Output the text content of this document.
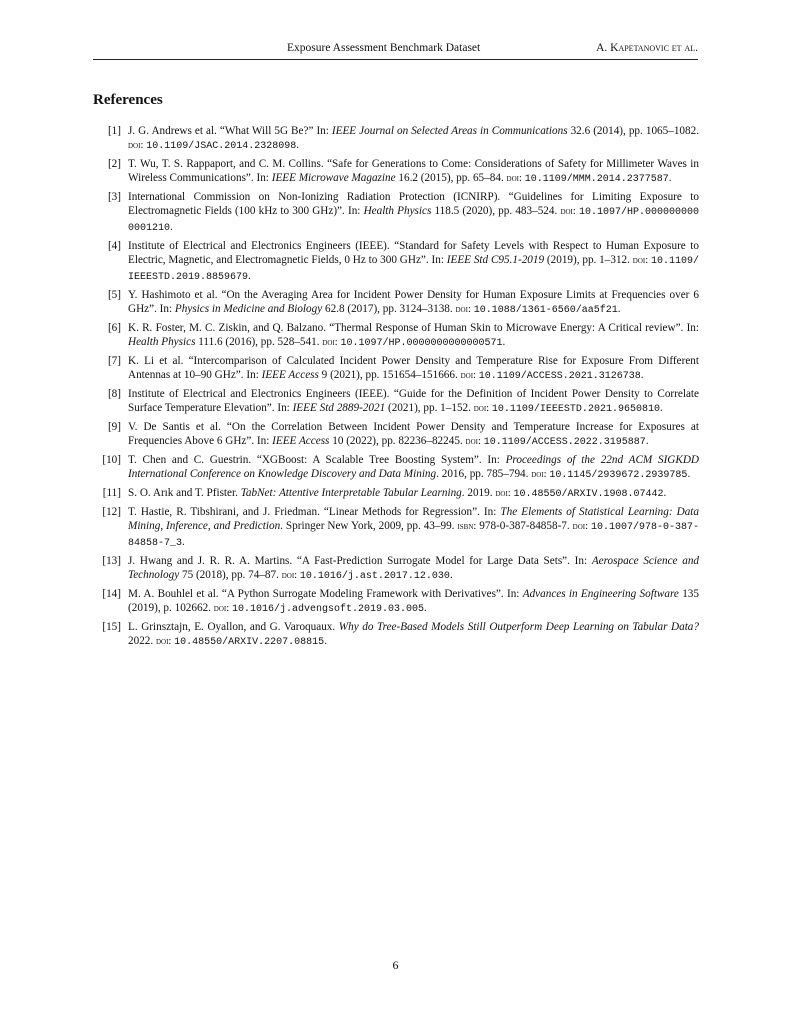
Exposure Assessment Benchmark Dataset	A. Kapetanovic et al.
References
[1] J. G. Andrews et al. “What Will 5G Be?” In: IEEE Journal on Selected Areas in Communications 32.6 (2014), pp. 1065–1082. doi: 10.1109/JSAC.2014.2328098.
[2] T. Wu, T. S. Rappaport, and C. M. Collins. “Safe for Generations to Come: Considerations of Safety for Millimeter Waves in Wireless Communications”. In: IEEE Microwave Magazine 16.2 (2015), pp. 65–84. doi: 10.1109/MMM.2014.2377587.
[3] International Commission on Non-Ionizing Radiation Protection (ICNIRP). “Guidelines for Limiting Exposure to Electromagnetic Fields (100 kHz to 300 GHz)”. In: Health Physics 118.5 (2020), pp. 483–524. doi: 10.1097/HP.0000000000001210.
[4] Institute of Electrical and Electronics Engineers (IEEE). “Standard for Safety Levels with Respect to Human Exposure to Electric, Magnetic, and Electromagnetic Fields, 0 Hz to 300 GHz”. In: IEEE Std C95.1-2019 (2019), pp. 1–312. doi: 10.1109/IEEESTD.2019.8859679.
[5] Y. Hashimoto et al. “On the Averaging Area for Incident Power Density for Human Exposure Limits at Frequencies over 6 GHz”. In: Physics in Medicine and Biology 62.8 (2017), pp. 3124–3138. doi: 10.1088/1361-6560/aa5f21.
[6] K. R. Foster, M. C. Ziskin, and Q. Balzano. “Thermal Response of Human Skin to Microwave Energy: A Critical review”. In: Health Physics 111.6 (2016), pp. 528–541. doi: 10.1097/HP.0000000000000571.
[7] K. Li et al. “Intercomparison of Calculated Incident Power Density and Temperature Rise for Exposure From Different Antennas at 10–90 GHz”. In: IEEE Access 9 (2021), pp. 151654–151666. doi: 10.1109/ACCESS.2021.3126738.
[8] Institute of Electrical and Electronics Engineers (IEEE). “Guide for the Definition of Incident Power Density to Correlate Surface Temperature Elevation”. In: IEEE Std 2889-2021 (2021), pp. 1–152. doi: 10.1109/IEEESTD.2021.9650810.
[9] V. De Santis et al. “On the Correlation Between Incident Power Density and Temperature Increase for Exposures at Frequencies Above 6 GHz”. In: IEEE Access 10 (2022), pp. 82236–82245. doi: 10.1109/ACCESS.2022.3195887.
[10] T. Chen and C. Guestrin. “XGBoost: A Scalable Tree Boosting System”. In: Proceedings of the 22nd ACM SIGKDD International Conference on Knowledge Discovery and Data Mining. 2016, pp. 785–794. doi: 10.1145/2939672.2939785.
[11] S. O. Arık and T. Pfister. TabNet: Attentive Interpretable Tabular Learning. 2019. doi: 10.48550/ARXIV.1908.07442.
[12] T. Hastie, R. Tibshirani, and J. Friedman. “Linear Methods for Regression”. In: The Elements of Statistical Learning: Data Mining, Inference, and Prediction. Springer New York, 2009, pp. 43–99. isbn: 978-0-387-84858-7. doi: 10.1007/978-0-387-84858-7_3.
[13] J. Hwang and J. R. R. A. Martins. “A Fast-Prediction Surrogate Model for Large Data Sets”. In: Aerospace Science and Technology 75 (2018), pp. 74–87. doi: 10.1016/j.ast.2017.12.030.
[14] M. A. Bouhlel et al. “A Python Surrogate Modeling Framework with Derivatives”. In: Advances in Engineering Software 135 (2019), p. 102662. doi: 10.1016/j.advengsoft.2019.03.005.
[15] L. Grinsztajn, E. Oyallon, and G. Varoquaux. Why do Tree-Based Models Still Outperform Deep Learning on Tabular Data? 2022. doi: 10.48550/ARXIV.2207.08815.
6
